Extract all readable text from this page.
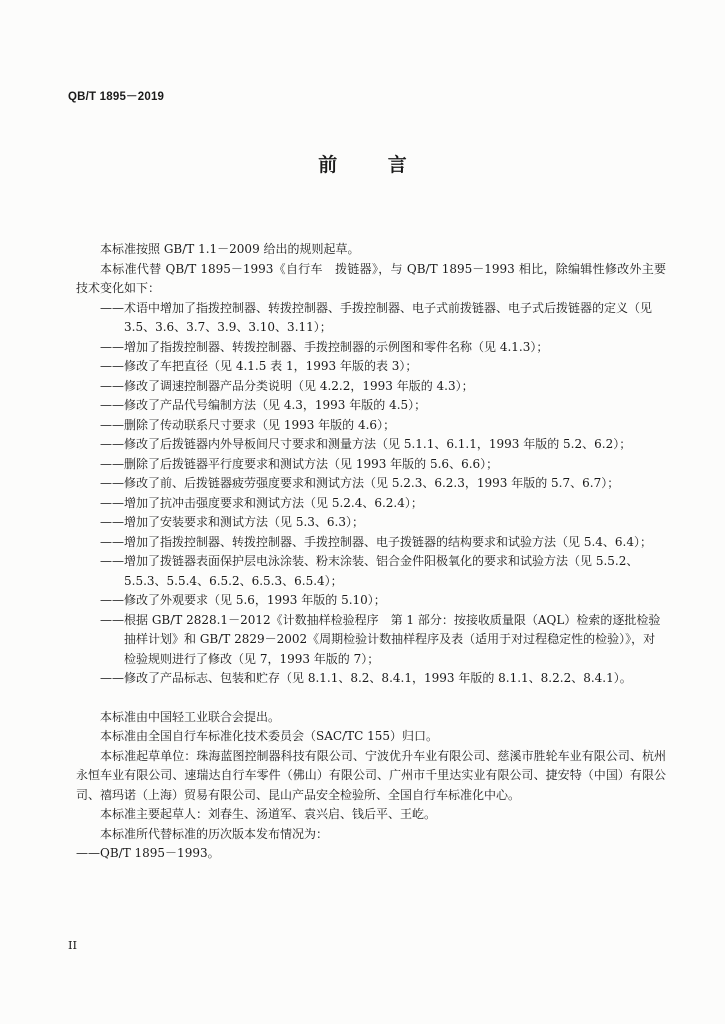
QB/T 1895－2019
前 言

本标准按照 GB/T 1.1－2009 给出的规则起草。

本标准代替 QB/T 1895－1993《自行车　拨链器》，与 QB/T 1895－1993 相比，除编辑性修改外主要技术变化如下：

—— 术语中增加了指拨控制器、转拨控制器、手拨控制器、电子式前拨链器、电子式后拨链器的定义（见 3.5、3.6、3.7、3.9、3.10、3.11）；

—— 增加了指拨控制器、转拨控制器、手拨控制器的示例图和零件名称（见 4.1.3）；

—— 修改了车把直径（见 4.1.5 表 1，1993 年版的表 3）；

—— 修改了调速控制器产品分类说明（见 4.2.2，1993 年版的 4.3）；

—— 修改了产品代号编制方法（见 4.3，1993 年版的 4.5）；

—— 删除了传动联系尺寸要求（见 1993 年版的 4.6）；

—— 修改了后拨链器内外导板间尺寸要求和测量方法（见 5.1.1、6.1.1，1993 年版的 5.2、6.2）；

—— 删除了后拨链器平行度要求和测试方法（见 1993 年版的 5.6、6.6）；

—— 修改了前、后拨链器疲劳强度要求和测试方法（见 5.2.3、6.2.3，1993 年版的 5.7、6.7）；

—— 增加了抗冲击强度要求和测试方法（见 5.2.4、6.2.4）；

—— 增加了安装要求和测试方法（见 5.3、6.3）；

—— 增加了指拨控制器、转拨控制器、手拨控制器、电子拨链器的结构要求和试验方法（见 5.4、6.4）；

—— 增加了拨链器表面保护层电泳涂装、粉末涂装、铝合金件阳极氧化的要求和试验方法（见 5.5.2、5.5.3、5.5.4、6.5.2、6.5.3、6.5.4）；

—— 修改了外观要求（见 5.6，1993 年版的 5.10）；

—— 根据 GB/T 2828.1－2012《计数抽样检验程序　第 1 部分：按接收质量限（AQL）检索的逐批检验抽样计划》和 GB/T 2829－2002《周期检验计数抽样程序及表（适用于对过程稳定性的检验）》，对检验规则进行了修改（见 7，1993 年版的 7）；

—— 修改了产品标志、包装和贮存（见 8.1.1、8.2、8.4.1，1993 年版的 8.1.1、8.2.2、8.4.1）。

本标准由中国轻工业联合会提出。

本标准由全国自行车标准化技术委员会（SAC/TC 155）归口。

本标准起草单位：珠海蓝图控制器科技有限公司、宁波优升车业有限公司、慈溪市胜轮车业有限公司、杭州永恒车业有限公司、速瑞达自行车零件（佛山）有限公司、广州市千里达实业有限公司、捷安特（中国）有限公司、禧玛诺（上海）贸易有限公司、昆山产品安全检验所、全国自行车标准化中心。

本标准主要起草人：刘春生、汤道军、袁兴启、钱后平、王屹。

本标准所代替标准的历次版本发布情况为：

—— QB/T 1895－1993。

II
